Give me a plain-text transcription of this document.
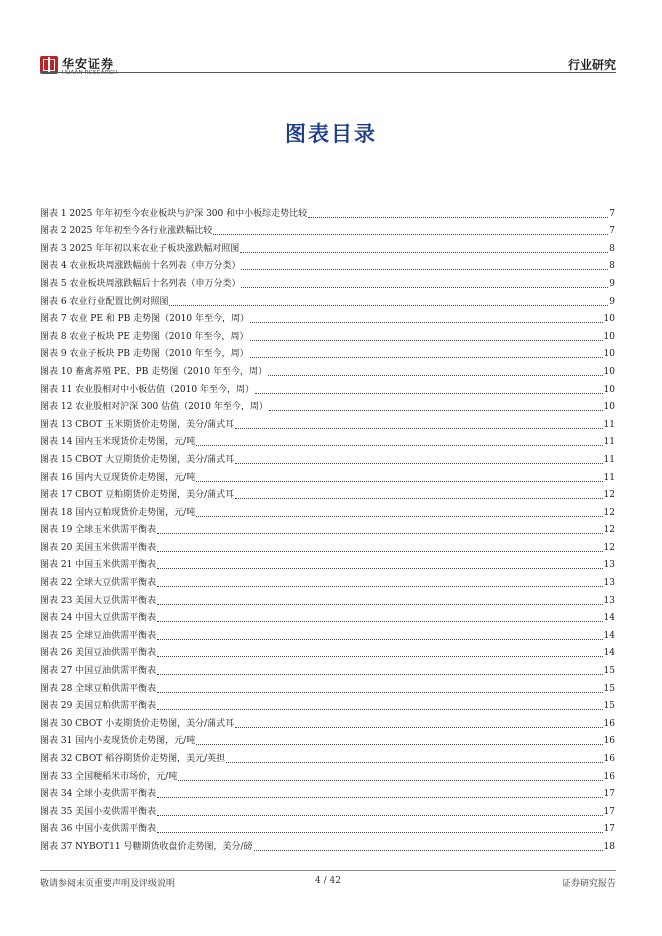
华安证券
HUAAN RESEARCH
行业研究
图表目录
图表 1 2025 年年初至今农业板块与沪深 300 和中小板综走势比较	7
图表 2 2025 年年初至今各行业涨跌幅比较	7
图表 3 2025 年年初以来农业子板块涨跌幅对照图	8
图表 4 农业板块周涨跌幅前十名列表（申万分类）	8
图表 5 农业板块周涨跌幅后十名列表（申万分类）	9
图表 6 农业行业配置比例对照图	9
图表 7 农业 PE 和 PB 走势图（2010 年至今，周）	10
图表 8 农业子板块 PE 走势图（2010 年至今，周）	10
图表 9 农业子板块 PB 走势图（2010 年至今，周）	10
图表 10 畜禽养殖 PE、PB 走势图（2010 年至今，周）	10
图表 11 农业股相对中小板估值（2010 年至今，周）	10
图表 12 农业股相对沪深 300 估值（2010 年至今，周）	10
图表 13 CBOT 玉米期货价走势图，美分/蒲式耳	11
图表 14 国内玉米现货价走势图，元/吨	11
图表 15 CBOT 大豆期货价走势图，美分/蒲式耳	11
图表 16 国内大豆现货价走势图，元/吨	11
图表 17 CBOT 豆粕期货价走势图，美分/蒲式耳	12
图表 18 国内豆粕现货价走势图，元/吨	12
图表 19 全球玉米供需平衡表	12
图表 20 美国玉米供需平衡表	12
图表 21 中国玉米供需平衡表	13
图表 22 全球大豆供需平衡表	13
图表 23 美国大豆供需平衡表	13
图表 24 中国大豆供需平衡表	14
图表 25 全球豆油供需平衡表	14
图表 26 美国豆油供需平衡表	14
图表 27 中国豆油供需平衡表	15
图表 28 全球豆粕供需平衡表	15
图表 29 美国豆粕供需平衡表	15
图表 30 CBOT 小麦期货价走势图，美分/蒲式耳	16
图表 31 国内小麦现货价走势图，元/吨	16
图表 32 CBOT 稻谷期货价走势图，美元/英担	16
图表 33 全国粳稻米市场价，元/吨	16
图表 34 全球小麦供需平衡表	17
图表 35 美国小麦供需平衡表	17
图表 36 中国小麦供需平衡表	17
图表 37 NYBOT11 号糖期货收盘价走势图，美分/磅	18
敬请参阅末页重要声明及评级说明	4 / 42	证券研究报告
